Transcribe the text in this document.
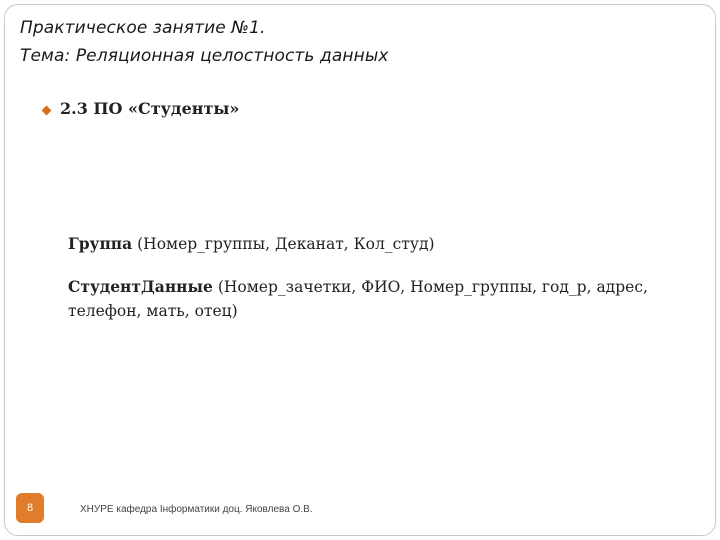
Практическое занятие №1.
Тема: Реляционная целостность данных
2.3 ПО «Студенты»
Группа (Номер_группы, Деканат, Кол_студ)
СтудентДанные (Номер_зачетки, ФИО, Номер_группы, год_р, адрес, телефон, мать, отец)
8	ХНУРЕ кафедра Інформатики доц. Яковлева О.В.
